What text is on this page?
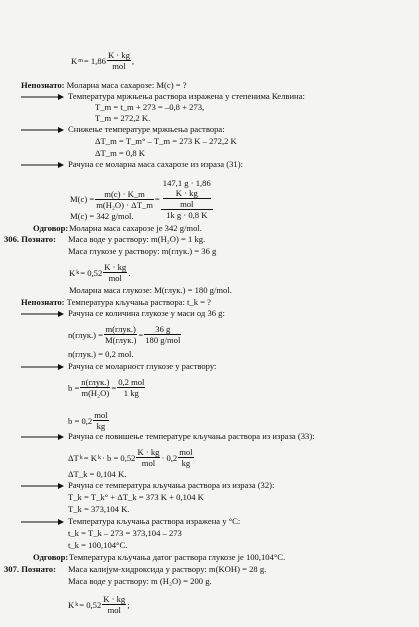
K $m = 1,86 \frac{K \cdot kg}{\text{mol}}$ ,
Непознато: Моларна маса сахарозе: M(c) = ?
Температура мржњења раствора изражена у степенима Келвина:
T_m = t_m + 273 = –0,8 + 273,
T_m = 272,2 K.
Снижење температуре мржњења раствора:
ΔT_m = T_m° – T_m = 273 K – 272,2 K
ΔT_m = 0,8 K
Рачуна се моларна маса сахарозе из израза (31):
$M(c) = \frac{m(c) \cdot K\_m}{\text{m(H₂O) · ΔT\_m}} = 147,1$ g · 1,86
K · kg
mol
1k g · 0,8 K
M(c) = 342 g/mol.
Одговор: Моларна маса сахарозе је 342 g/mol.
306. Познато: Маса воде у раствору: m(H₂O) = 1 kg.
Маса глукозе у раствору: m(глук.) = 36 g
K $k = 0,52 \frac{K \cdot kg}{\text{mol}}$ .
Моларна маса глукозе: M(глук.) = 180 g/mol.
Непознато: Температура кључања раствора: t_k = ?
Рачуна се количина глукозе у маси од 36 g:
n(глук.) = $\frac{\text{m(глук.)}}{\text{M(глук.)}} = \frac{36 g}{\text{180 g/mol}}$
n(глук.) = 0,2 mol.
Рачуна се моларност глукозе у раствору:
$b = \frac{\text{n(глук.)}}{\text{m(H₂O)}} = \frac{\text{0,2 mol}}{1 kg}$
$b = 0,2 \frac{\text{mol}}{kg}$
Рачуна се повишење температуре кључања раствора из израза (33):
ΔT k = K $k \cdot b = 0,52 \frac{K \cdot kg}{\text{mol}} \cdot 0,2 \frac{\text{mol}}{kg}$
ΔT_k = 0,104 K.
Рачуна се температура кључања раствора из израза (32):
T_k = T_k° + ΔT_k = 373 K + 0,104 K
T_k = 373,104 K.
Температура кључања раствора изражена у °C:
t_k = T_k – 273 = 373,104 – 273
t_k = 100,104°C.
Одговор: Температура кључања датог раствора глукозе је 100,104°C.
307. Познато: Маса калијум-хидроксида у раствору: m(KOH) = 28 g.
Маса воде у раствору: m (H₂O) = 200 g.
K $k = 0,52 \frac{K \cdot kg}{\text{mol}}$ ;
